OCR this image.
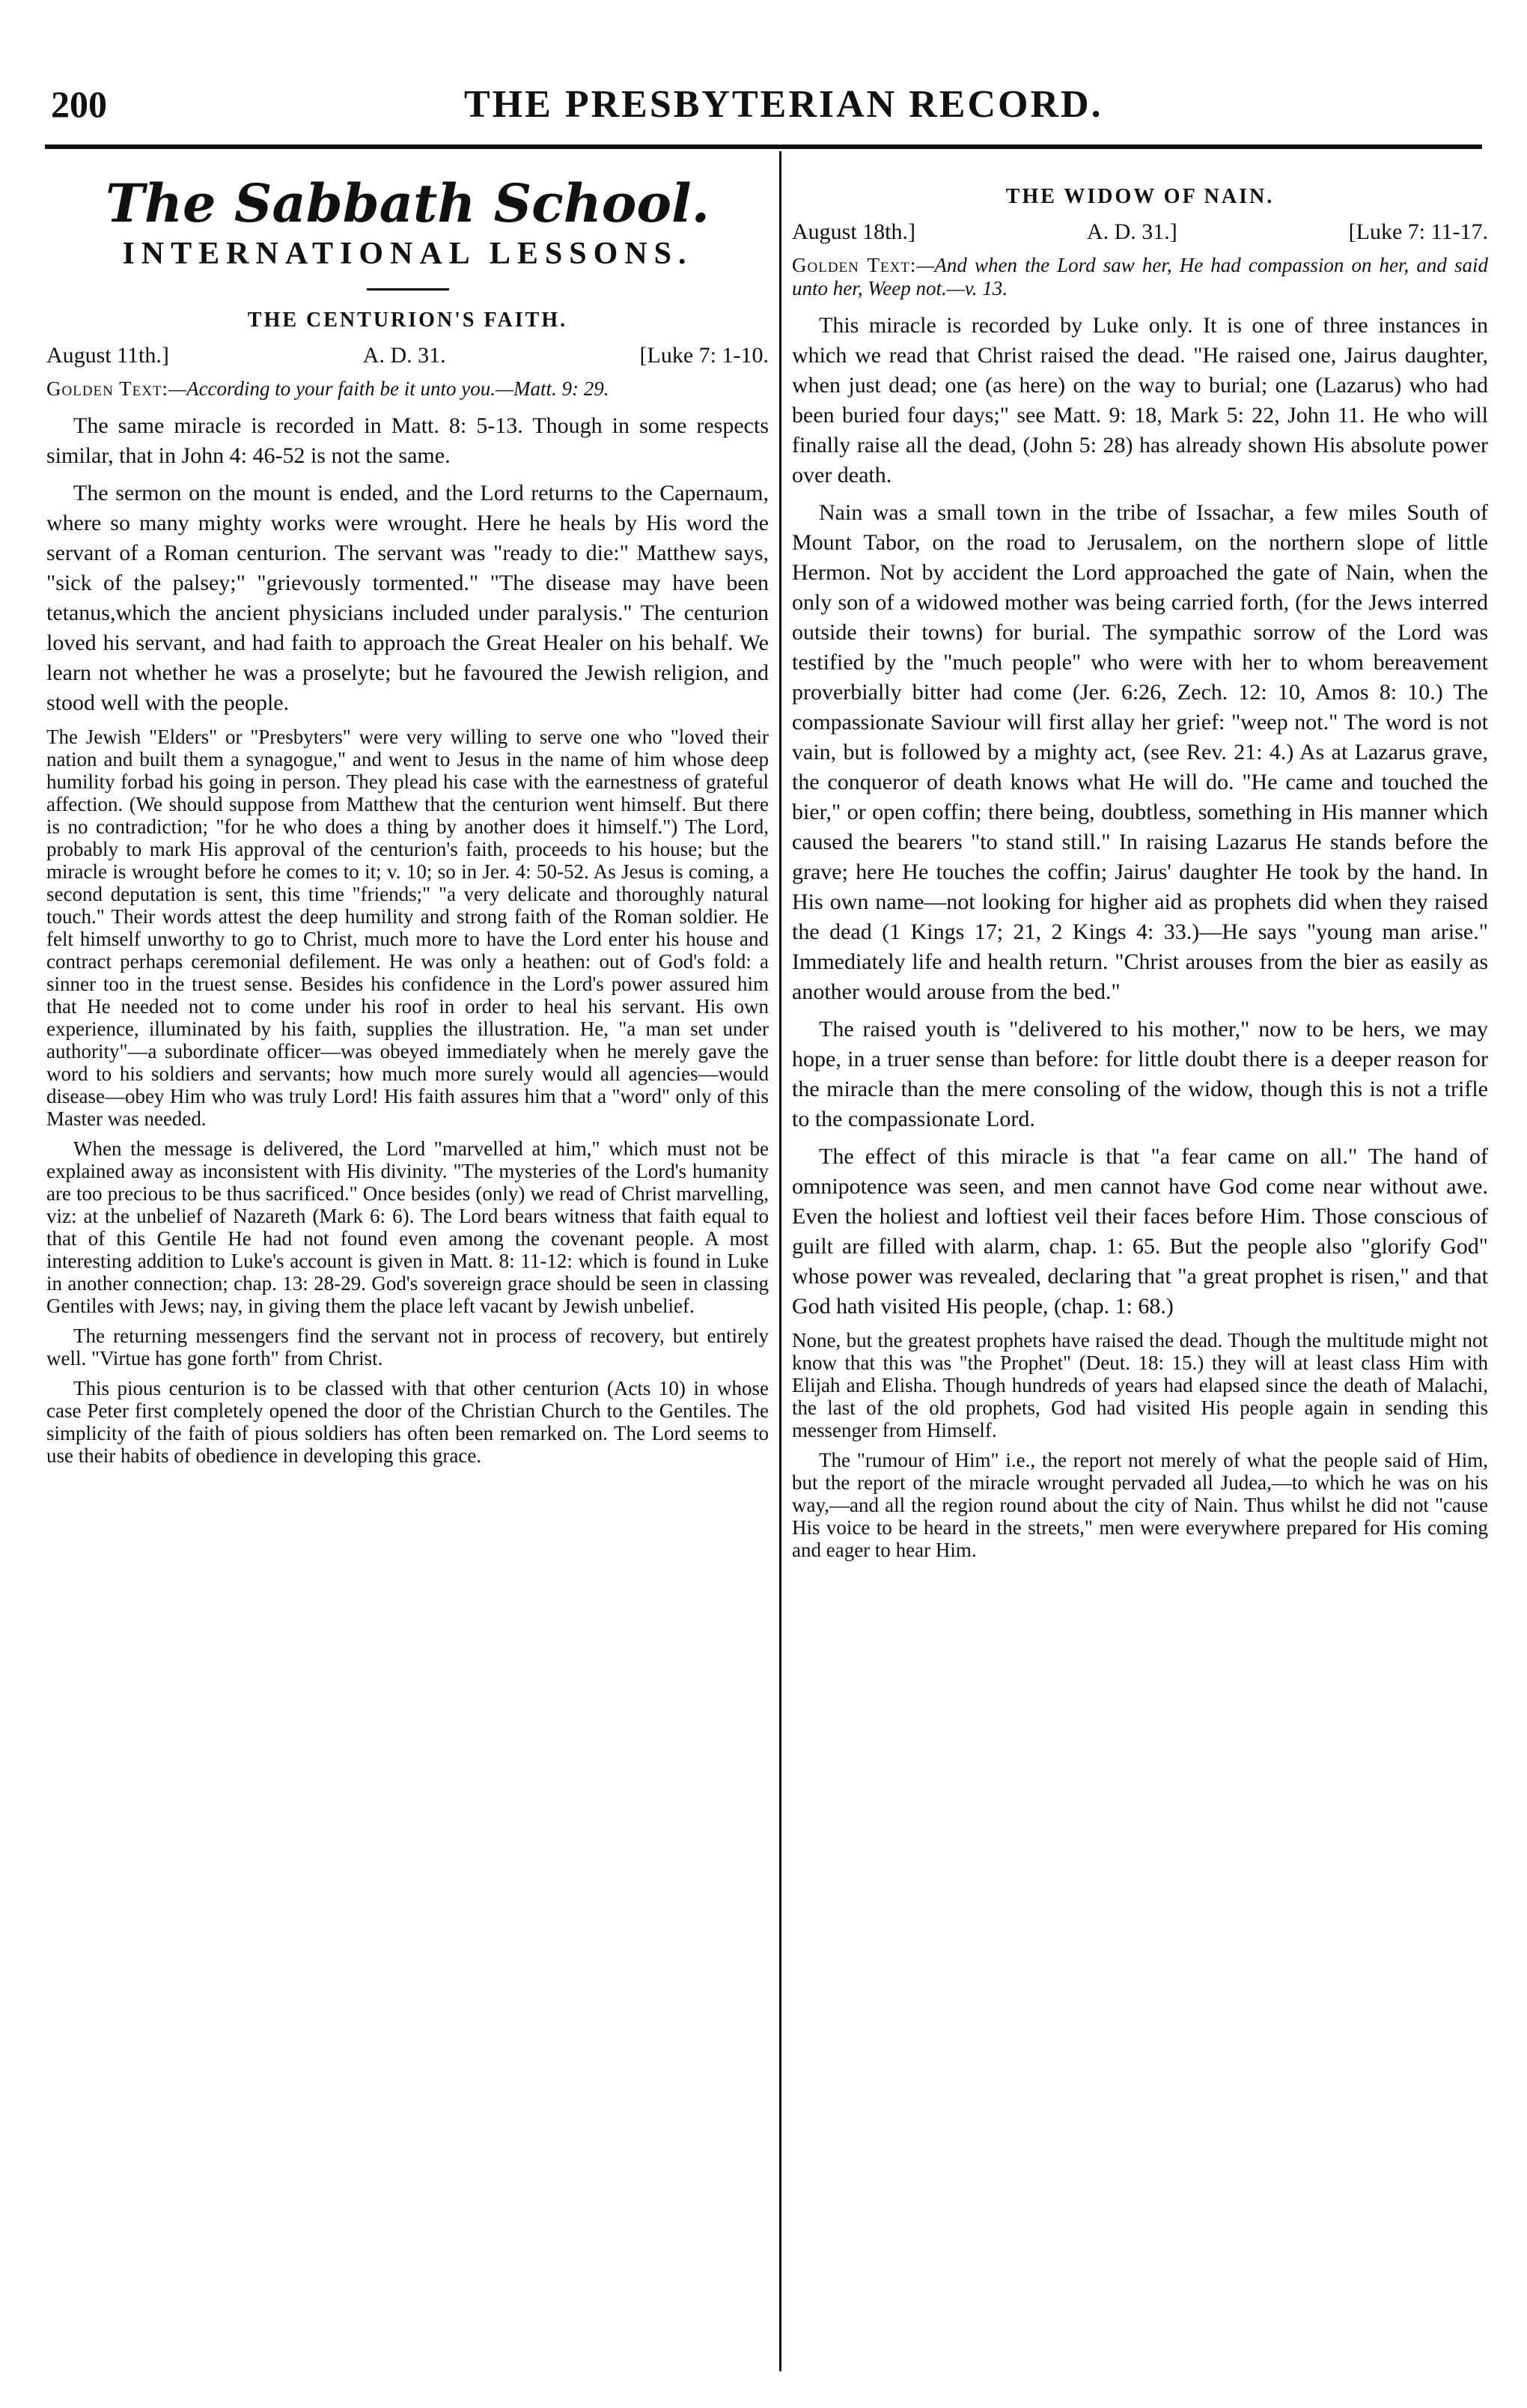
200	THE PRESBYTERIAN RECORD.
The Sabbath School.
INTERNATIONAL LESSONS.
THE CENTURION'S FAITH.
August 11th.]	A. D. 31.	[Luke 7: 1-10.
Golden Text:—According to your faith be it unto you.—Matt. 9: 29.

The same miracle is recorded in Matt. 8: 5-13. Though in some respects similar, that in John 4: 46-52 is not the same.

The sermon on the mount is ended, and the Lord returns to the Capernaum, where so many mighty works were wrought. Here he heals by His word the servant of a Roman centurion. The servant was "ready to die:" Matthew says, "sick of the palsey;" "grievously tormented." "The disease may have been tetanus,which the ancient physicians included under paralysis." The centurion loved his servant, and had faith to approach the Great Healer on his behalf. We learn not whether he was a proselyte; but he favoured the Jewish religion, and stood well with the people.

The Jewish "Elders" or "Presbyters" were very willing to serve one who "loved their nation and built them a synagogue," and went to Jesus in the name of him whose deep humility forbad his going in person. They plead his case with the earnestness of grateful affection. (We should suppose from Matthew that the centurion went himself. But there is no contradiction; "for he who does a thing by another does it himself.") The Lord, probably to mark His approval of the centurion's faith, proceeds to his house; but the miracle is wrought before he comes to it; v. 10; so in Jer. 4: 50-52. As Jesus is coming, a second deputation is sent, this time "friends;" "a very delicate and thoroughly natural touch." Their words attest the deep humility and strong faith of the Roman soldier. He felt himself unworthy to go to Christ, much more to have the Lord enter his house and contract perhaps ceremonial defilement. He was only a heathen: out of God's fold: a sinner too in the truest sense. Besides his confidence in the Lord's power assured him that He needed not to come under his roof in order to heal his servant. His own experience, illuminated by his faith, supplies the illustration. He, "a man set under authority"—a subordinate officer—was obeyed immediately when he merely gave the word to his soldiers and servants; how much more surely would all agencies—would disease—obey Him who was truly Lord! His faith assures him that a "word" only of this Master was needed.

When the message is delivered, the Lord "marvelled at him," which must not be explained away as inconsistent with His divinity. "The mysteries of the Lord's humanity are too precious to be thus sacrificed." Once besides (only) we read of Christ marvelling, viz: at the unbelief of Nazareth (Mark 6: 6). The Lord bears witness that faith equal to that of this Gentile He had not found even among the covenant people. A most interesting addition to Luke's account is given in Matt. 8: 11-12: which is found in Luke in another connection; chap. 13: 28-29. God's sovereign grace should be seen in classing Gentiles with Jews; nay, in giving them the place left vacant by Jewish unbelief.

The returning messengers find the servant not in process of recovery, but entirely well. "Virtue has gone forth" from Christ.

This pious centurion is to be classed with that other centurion (Acts 10) in whose case Peter first completely opened the door of the Christian Church to the Gentiles. The simplicity of the faith of pious soldiers has often been remarked on. The Lord seems to use their habits of obedience in developing this grace.

THE WIDOW OF NAIN.
August 18th.]	A. D. 31.]	[Luke 7: 11-17.
Golden Text:—And when the Lord saw her, He had compassion on her, and said unto her, Weep not.—v. 13.

This miracle is recorded by Luke only. It is one of three instances in which we read that Christ raised the dead. "He raised one, Jairus daughter, when just dead; one (as here) on the way to burial; one (Lazarus) who had been buried four days;" see Matt. 9: 18, Mark 5: 22, John 11. He who will finally raise all the dead, (John 5: 28) has already shown His absolute power over death.

Nain was a small town in the tribe of Issachar, a few miles South of Mount Tabor, on the road to Jerusalem, on the northern slope of little Hermon. Not by accident the Lord approached the gate of Nain, when the only son of a widowed mother was being carried forth, (for the Jews interred outside their towns) for burial. The sympathic sorrow of the Lord was testified by the "much people" who were with her to whom bereavement proverbially bitter had come (Jer. 6:26, Zech. 12: 10, Amos 8: 10.) The compassionate Saviour will first allay her grief: "weep not." The word is not vain, but is followed by a mighty act, (see Rev. 21: 4.) As at Lazarus grave, the conqueror of death knows what He will do. "He came and touched the bier," or open coffin; there being, doubtless, something in His manner which caused the bearers "to stand still." In raising Lazarus He stands before the grave; here He touches the coffin; Jairus' daughter He took by the hand. In His own name—not looking for higher aid as prophets did when they raised the dead (1 Kings 17; 21, 2 Kings 4: 33.)—He says "young man arise." Immediately life and health return. "Christ arouses from the bier as easily as another would arouse from the bed."

The raised youth is "delivered to his mother," now to be hers, we may hope, in a truer sense than before: for little doubt there is a deeper reason for the miracle than the mere consoling of the widow, though this is not a trifle to the compassionate Lord.

The effect of this miracle is that "a fear came on all." The hand of omnipotence was seen, and men cannot have God come near without awe. Even the holiest and loftiest veil their faces before Him. Those conscious of guilt are filled with alarm, chap. 1: 65. But the people also "glorify God" whose power was revealed, declaring that "a great prophet is risen," and that God hath visited His people, (chap. 1: 68.)

None, but the greatest prophets have raised the dead. Though the multitude might not know that this was "the Prophet" (Deut. 18: 15.) they will at least class Him with Elijah and Elisha. Though hundreds of years had elapsed since the death of Malachi, the last of the old prophets, God had visited His people again in sending this messenger from Himself.

The "rumour of Him" i.e., the report not merely of what the people said of Him, but the report of the miracle wrought pervaded all Judea,—to which he was on his way,—and all the region round about the city of Nain. Thus whilst he did not "cause His voice to be heard in the streets," men were everywhere prepared for His coming and eager to hear Him.
